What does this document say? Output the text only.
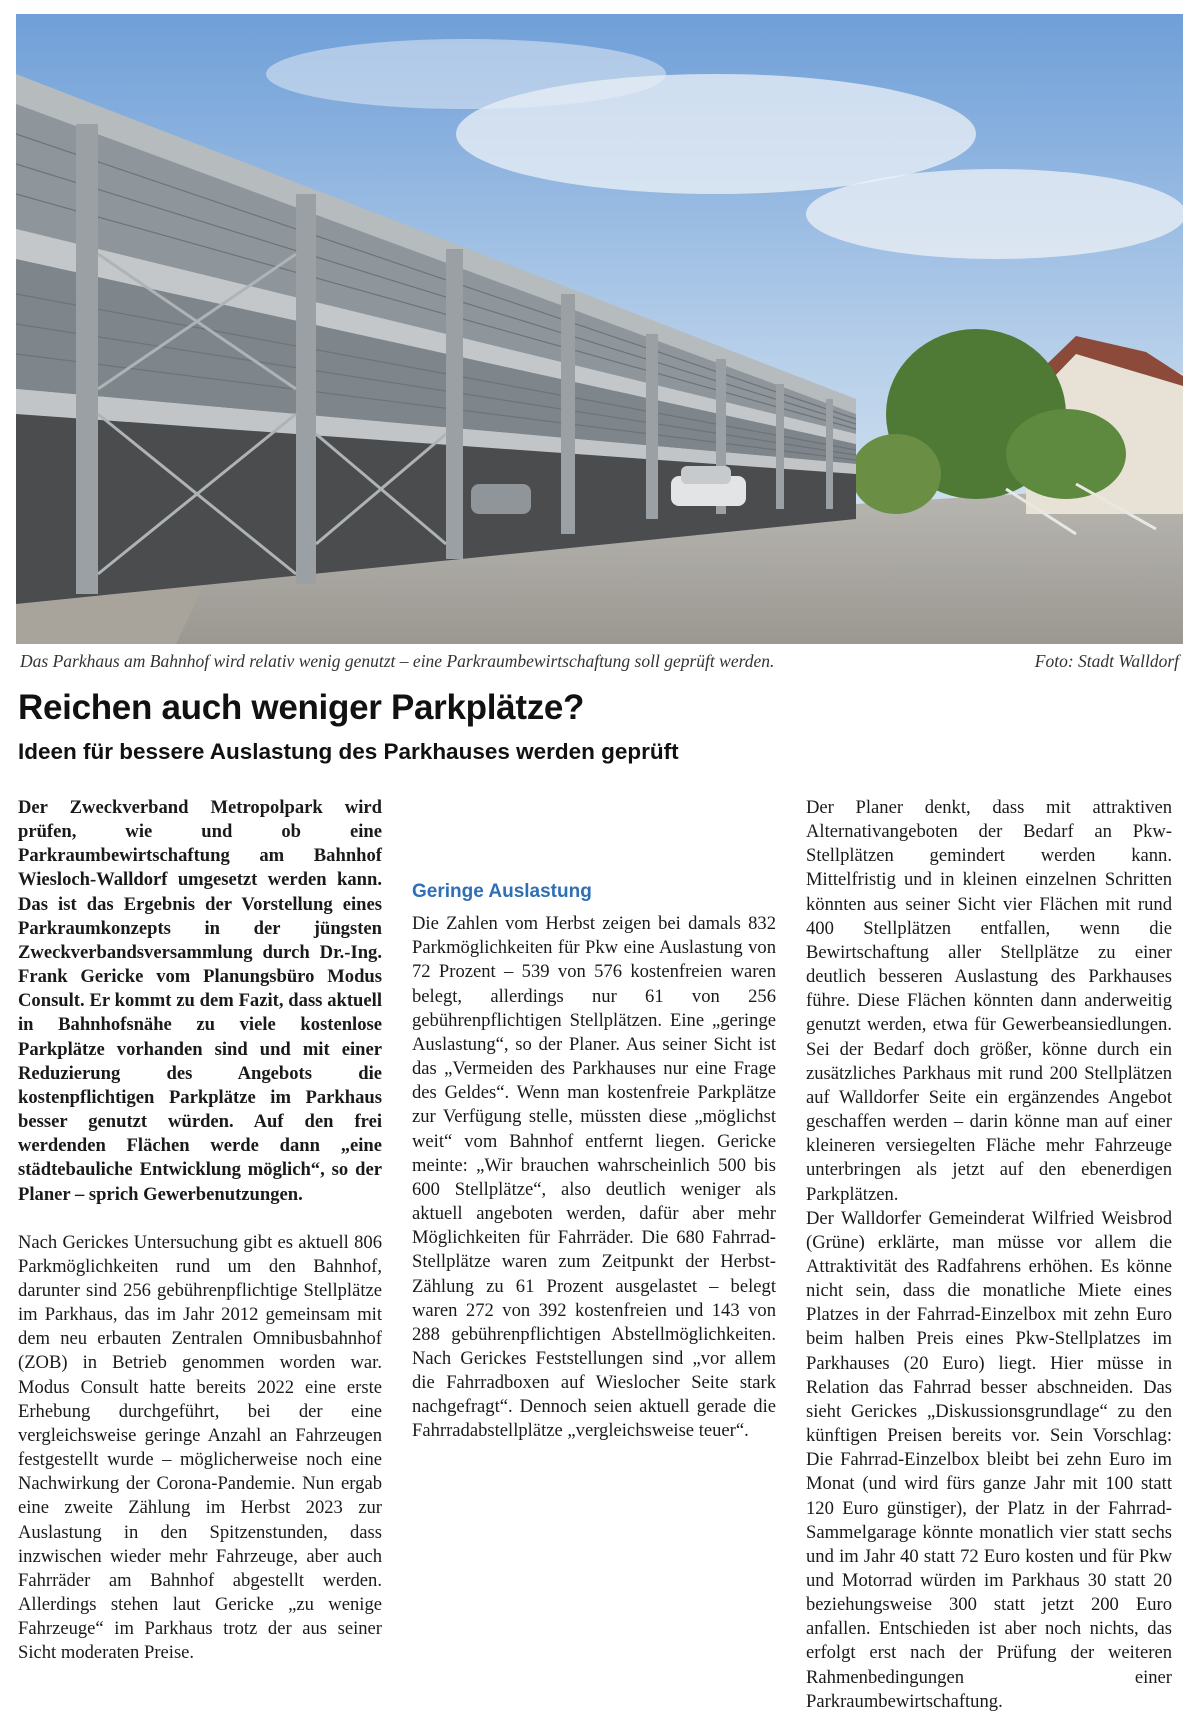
Das Parkhaus am Bahnhof wird relativ wenig genutzt – eine Parkraumbewirtschaftung soll geprüft werden.	Foto: Stadt Walldorf
Reichen auch weniger Parkplätze?
Ideen für bessere Auslastung des Parkhauses werden geprüft

Der Zweckverband Metropolpark wird prüfen, wie und ob eine Parkraumbewirtschaftung am Bahnhof Wiesloch-Walldorf umgesetzt werden kann. Das ist das Ergebnis der Vorstellung eines Parkraumkonzepts in der jüngsten Zweckverbandsversammlung durch Dr.-Ing. Frank Gericke vom Planungsbüro Modus Consult. Er kommt zu dem Fazit, dass aktuell in Bahnhofsnähe zu viele kostenlose Parkplätze vorhanden sind und mit einer Reduzierung des Angebots die kostenpflichtigen Parkplätze im Parkhaus besser genutzt würden. Auf den frei werdenden Flächen werde dann „eine städtebauliche Entwicklung möglich“, so der Planer – sprich Gewerbenutzungen.

Nach Gerickes Untersuchung gibt es aktuell 806 Parkmöglichkeiten rund um den Bahnhof, darunter sind 256 gebührenpflichtige Stellplätze im Parkhaus, das im Jahr 2012 gemeinsam mit dem neu erbauten Zentralen Omnibusbahnhof (ZOB) in Betrieb genommen worden war. Modus Consult hatte bereits 2022 eine erste Erhebung durchgeführt, bei der eine vergleichsweise geringe Anzahl an Fahrzeugen festgestellt wurde – möglicherweise noch eine Nachwirkung der Corona-Pandemie. Nun ergab eine zweite Zählung im Herbst 2023 zur Auslastung in den Spitzenstunden, dass inzwischen wieder mehr Fahrzeuge, aber auch Fahrräder am Bahnhof abgestellt werden. Allerdings stehen laut Gericke „zu wenige Fahrzeuge“ im Parkhaus trotz der aus seiner Sicht moderaten Preise.

Geringe Auslastung

Die Zahlen vom Herbst zeigen bei damals 832 Parkmöglichkeiten für Pkw eine Auslastung von 72 Prozent – 539 von 576 kostenfreien waren belegt, allerdings nur 61 von 256 gebührenpflichtigen Stellplätzen. Eine „geringe Auslastung“, so der Planer. Aus seiner Sicht ist das „Vermeiden des Parkhauses nur eine Frage des Geldes“. Wenn man kostenfreie Parkplätze zur Verfügung stelle, müssten diese „möglichst weit“ vom Bahnhof entfernt liegen. Gericke meinte: „Wir brauchen wahrscheinlich 500 bis 600 Stellplätze“, also deutlich weniger als aktuell angeboten werden, dafür aber mehr Möglichkeiten für Fahrräder. Die 680 Fahrrad-Stellplätze waren zum Zeitpunkt der Herbst-Zählung zu 61 Prozent ausgelastet – belegt waren 272 von 392 kostenfreien und 143 von 288 gebührenpflichtigen Abstellmöglichkeiten. Nach Gerickes Feststellungen sind „vor allem die Fahrradboxen auf Wieslocher Seite stark nachgefragt“. Dennoch seien aktuell gerade die Fahrradabstellplätze „vergleichsweise teuer“.

Der Planer denkt, dass mit attraktiven Alternativangeboten der Bedarf an Pkw-Stellplätzen gemindert werden kann. Mittelfristig und in kleinen einzelnen Schritten könnten aus seiner Sicht vier Flächen mit rund 400 Stellplätzen entfallen, wenn die Bewirtschaftung aller Stellplätze zu einer deutlich besseren Auslastung des Parkhauses führe. Diese Flächen könnten dann anderweitig genutzt werden, etwa für Gewerbeansiedlungen. Sei der Bedarf doch größer, könne durch ein zusätzliches Parkhaus mit rund 200 Stellplätzen auf Walldorfer Seite ein ergänzendes Angebot geschaffen werden – darin könne man auf einer kleineren versiegelten Fläche mehr Fahrzeuge unterbringen als jetzt auf den ebenerdigen Parkplätzen.

Der Walldorfer Gemeinderat Wilfried Weisbrod (Grüne) erklärte, man müsse vor allem die Attraktivität des Radfahrens erhöhen. Es könne nicht sein, dass die monatliche Miete eines Platzes in der Fahrrad-Einzelbox mit zehn Euro beim halben Preis eines Pkw-Stellplatzes im Parkhauses (20 Euro) liegt. Hier müsse in Relation das Fahrrad besser abschneiden. Das sieht Gerickes „Diskussionsgrundlage“ zu den künftigen Preisen bereits vor. Sein Vorschlag: Die Fahrrad-Einzelbox bleibt bei zehn Euro im Monat (und wird fürs ganze Jahr mit 100 statt 120 Euro günstiger), der Platz in der Fahrrad-Sammelgarage könnte monatlich vier statt sechs und im Jahr 40 statt 72 Euro kosten und für Pkw und Motorrad würden im Parkhaus 30 statt 20 beziehungsweise 300 statt jetzt 200 Euro anfallen. Entschieden ist aber noch nichts, das erfolgt erst nach der Prüfung der weiteren Rahmenbedingungen einer Parkraumbewirtschaftung.
